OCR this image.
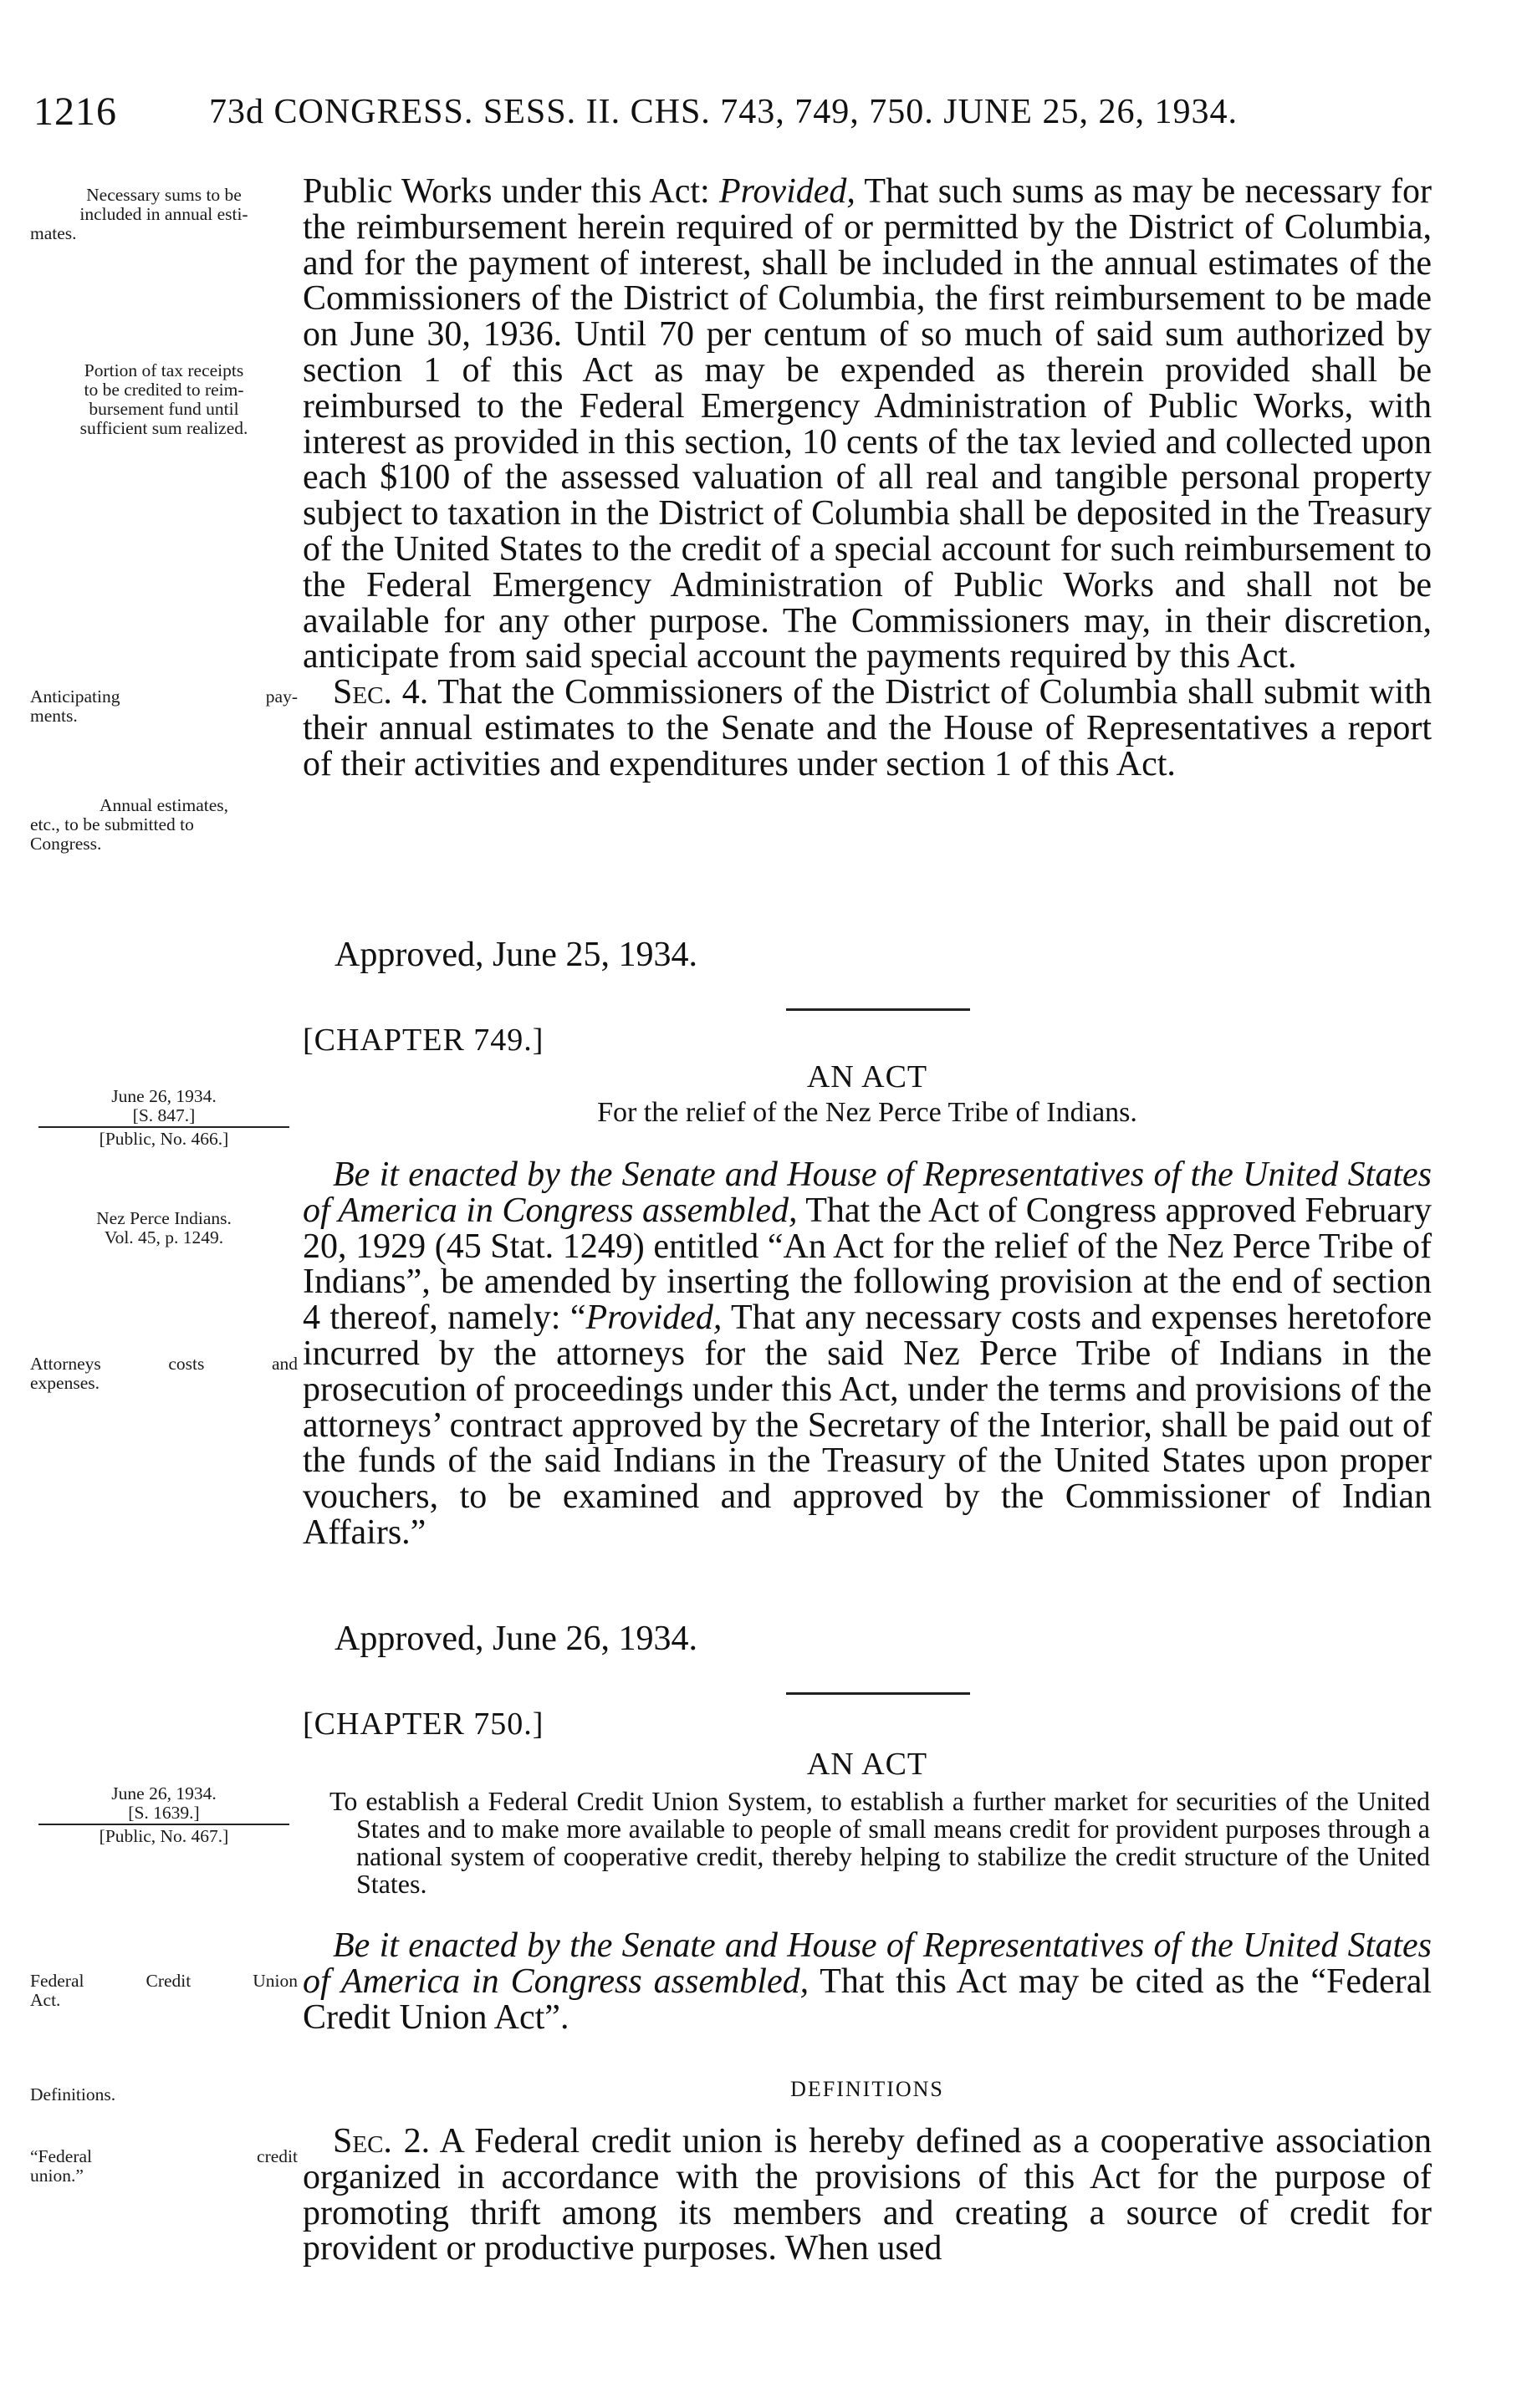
1216	73d CONGRESS. SESS. II. CHS. 743, 749, 750. JUNE 25, 26, 1934.
Necessary sums to be
included in annual esti-
mates.
Portion of tax receipts
to be credited to reim-
bursement fund until
sufficient sum realized.
Anticipating pay-
ments.
Annual estimates,
etc., to be submitted to
Congress.
June 26, 1934.
[S. 847.]
[Public, No. 466.]
Nez Perce Indians.
Vol. 45, p. 1249.
Attorneys costs and
expenses.
June 26, 1934.
[S. 1639.]
[Public, No. 467.]
Federal Credit Union
Act.
Definitions.
“Federal credit
union.”

Public Works under this Act: Provided, That such sums as may be necessary for the reimbursement herein required of or permitted by the District of Columbia, and for the payment of interest, shall be included in the annual estimates of the Commissioners of the District of Columbia, the first reimbursement to be made on June 30, 1936. Until 70 per centum of so much of said sum authorized by section 1 of this Act as may be expended as therein provided shall be reimbursed to the Federal Emergency Administration of Public Works, with interest as provided in this section, 10 cents of the tax levied and collected upon each $100 of the assessed valuation of all real and tangible personal property subject to taxation in the District of Columbia shall be deposited in the Treasury of the United States to the credit of a special account for such reimbursement to the Federal Emergency Administration of Public Works and shall not be available for any other purpose. The Commissioners may, in their discretion, anticipate from said special account the payments required by this Act.

Sec. 4. That the Commissioners of the District of Columbia shall submit with their annual estimates to the Senate and the House of Representatives a report of their activities and expenditures under section 1 of this Act.

Approved, June 25, 1934.
[CHAPTER 749.]
AN ACT
For the relief of the Nez Perce Tribe of Indians.

Be it enacted by the Senate and House of Representatives of the United States of America in Congress assembled, That the Act of Congress approved February 20, 1929 (45 Stat. 1249) entitled “An Act for the relief of the Nez Perce Tribe of Indians”, be amended by inserting the following provision at the end of section 4 thereof, namely: “Provided, That any necessary costs and expenses heretofore incurred by the attorneys for the said Nez Perce Tribe of Indians in the prosecution of proceedings under this Act, under the terms and provisions of the attorneys’ contract approved by the Secretary of the Interior, shall be paid out of the funds of the said Indians in the Treasury of the United States upon proper vouchers, to be examined and approved by the Commissioner of Indian Affairs.”

Approved, June 26, 1934.
[CHAPTER 750.]
AN ACT
To establish a Federal Credit Union System, to establish a further market for securities of the United States and to make more available to people of small means credit for provident purposes through a national system of cooperative credit, thereby helping to stabilize the credit structure of the United States.

Be it enacted by the Senate and House of Representatives of the United States of America in Congress assembled, That this Act may be cited as the “Federal Credit Union Act”.

DEFINITIONS

Sec. 2. A Federal credit union is hereby defined as a cooperative association organized in accordance with the provisions of this Act for the purpose of promoting thrift among its members and creating a source of credit for provident or productive purposes. When used
